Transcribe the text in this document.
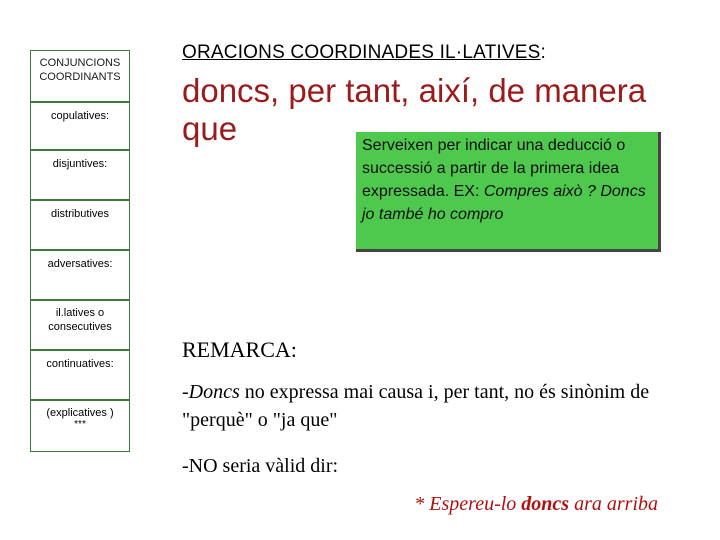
CONJUNCIONS COORDINANTS
copulatives:
disjuntives:
distributives
adversatives:
il.latives o consecutives
continuatives:
(explicatives )
***
ORACIONS COORDINADES IL·LATIVES:
doncs, per tant, així, de manera que	Serveixen per indicar una deducció o successió a partir de la primera idea expressada. EX: Compres això ? Doncs jo també ho compro
REMARCA:
-Doncs no expressa mai causa i, per tant, no és sinònim de "perquè" o "ja que"
-NO seria vàlid dir:
* Espereu-lo doncs ara arriba
